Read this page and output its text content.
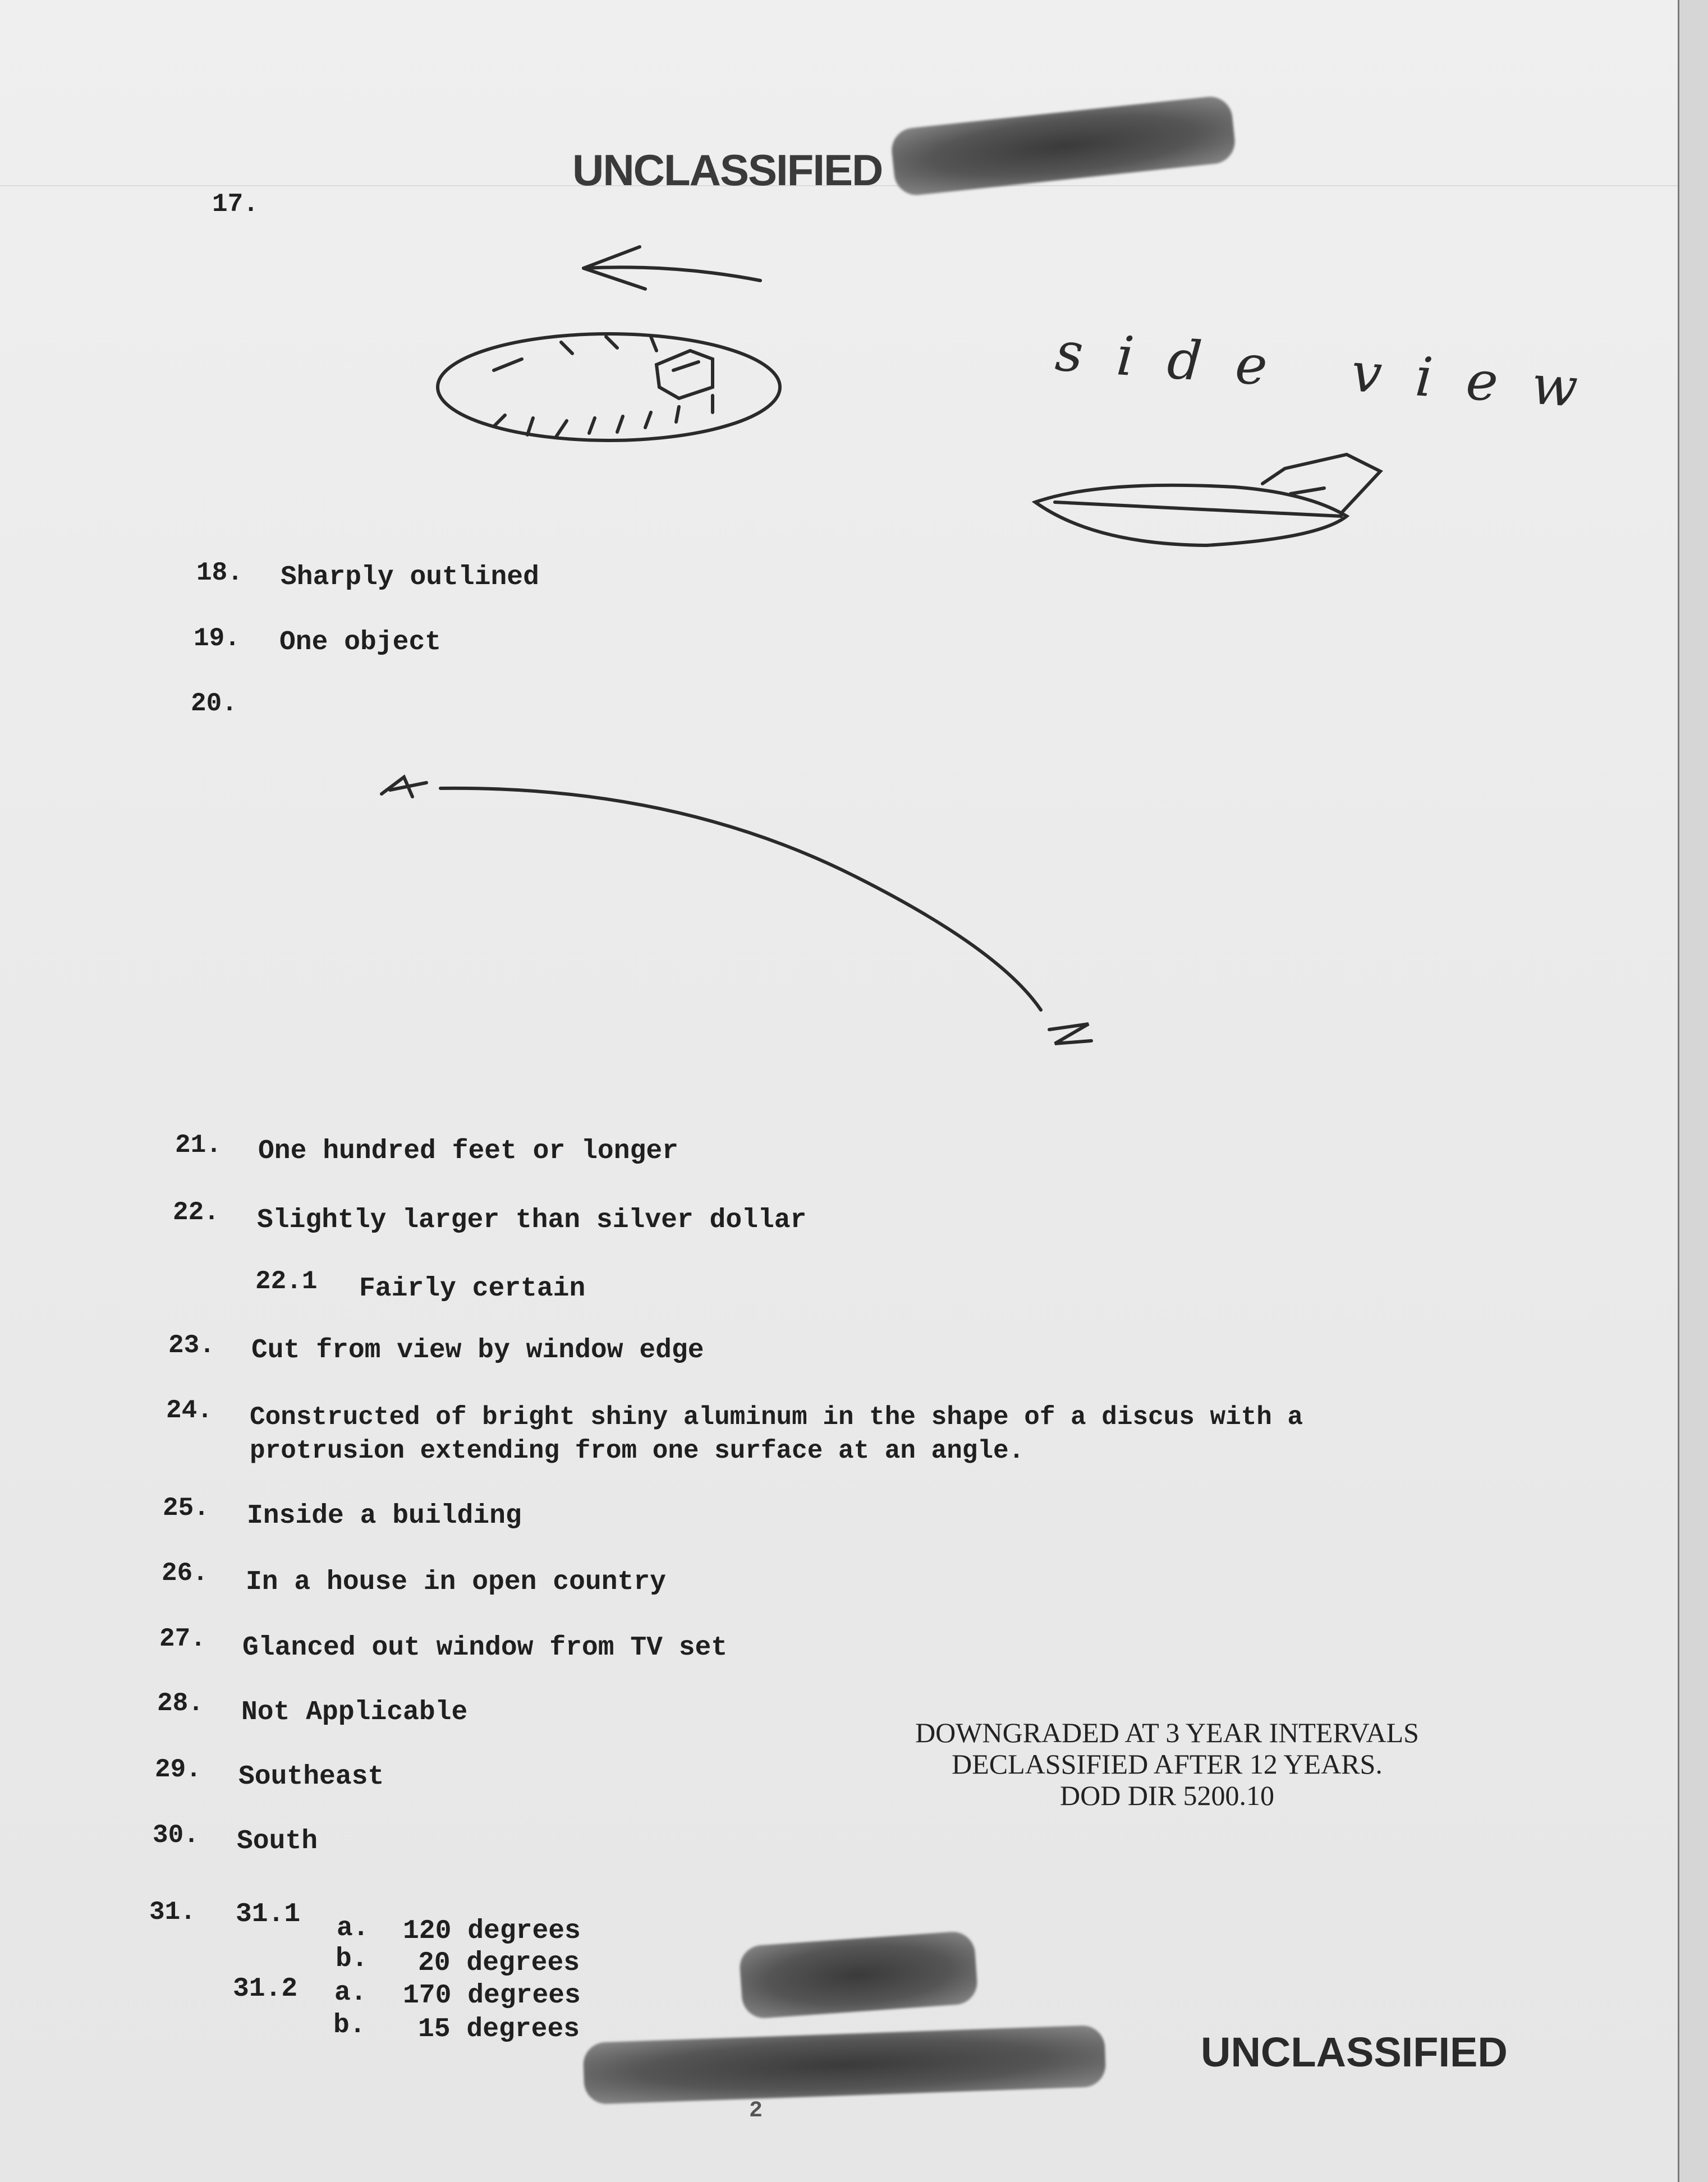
UNCLASSIFIED
17.
side view
18. Sharply outlined
19. One object
20.
21. One hundred feet or longer
22. Slightly larger than silver dollar
22.1 Fairly certain
23. Cut from view by window edge
24. Constructed of bright shiny aluminum in the shape of a discus with a
protrusion extending from one surface at an angle.
25. Inside a building
26. In a house in open country
27. Glanced out window from TV set
28. Not Applicable
29. Southeast
30. South
DOWNGRADED AT 3 YEAR INTERVALS
DECLASSIFIED AFTER 12 YEARS.
DOD DIR 5200.10
31. 31.1 a. 120 degrees
b. 20 degrees
31.2 a. 170 degrees
b. 15 degrees	UNCLASSIFIED
2
